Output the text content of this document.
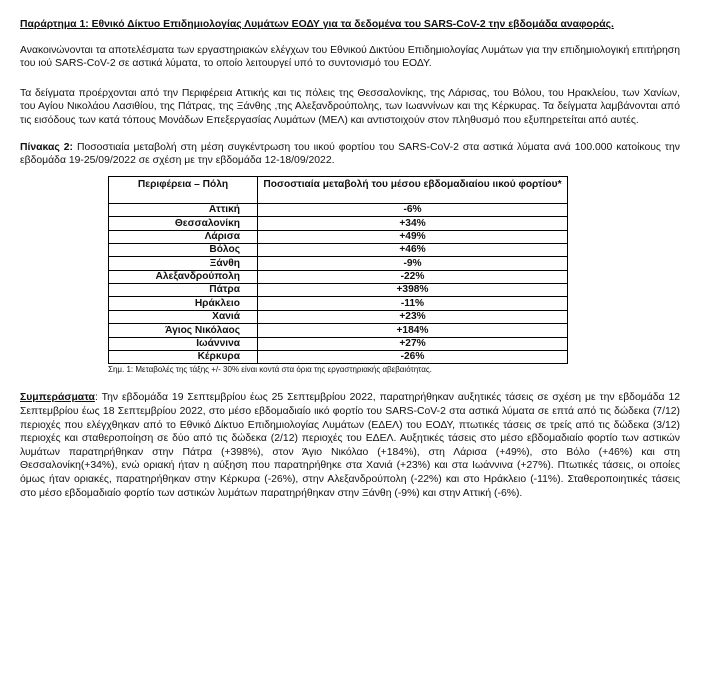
Παράρτημα 1: Εθνικό Δίκτυο Επιδημιολογίας Λυμάτων ΕΟΔΥ για τα δεδομένα του SARS-CoV-2 την εβδομάδα αναφοράς.

Ανακοινώνονται τα αποτελέσματα των εργαστηριακών ελέγχων του Εθνικού Δικτύου Επιδημιολογίας Λυμάτων για την επιδημιολογική επιτήρηση του ιού SARS-CoV-2 σε αστικά λύματα, το οποίο λειτουργεί υπό το συντονισμό του ΕΟΔΥ.

Τα δείγματα προέρχονται από την Περιφέρεια Αττικής και τις πόλεις της Θεσσαλονίκης, της Λάρισας, του Βόλου, του Ηρακλείου, των Χανίων, του Αγίου Νικολάου Λασιθίου, της Πάτρας, της Ξάνθης ,της Αλεξανδρούπολης, των Ιωαννίνων και της Κέρκυρας. Τα δείγματα λαμβάνονται από τις εισόδους των κατά τόπους Μονάδων Επεξεργασίας Λυμάτων (ΜΕΛ) και αντιστοιχούν στον πληθυσμό που εξυπηρετείται από αυτές.

Πίνακας 2: Ποσοστιαία μεταβολή στη μέση συγκέντρωση του ιικού φορτίου του SARS-CoV-2 στα αστικά λύματα ανά 100.000 κατοίκους την εβδομάδα 19-25/09/2022 σε σχέση με την εβδομάδα 12-18/09/2022.

Περιφέρεια – Πόλη	Ποσοστιαία μεταβολή του μέσου εβδομαδιαίου ιικού φορτίου*
Αττική	-6%
Θεσσαλονίκη	+34%
Λάρισα	+49%
Βόλος	+46%
Ξάνθη	-9%
Αλεξανδρούπολη	-22%
Πάτρα	+398%
Ηράκλειο	-11%
Χανιά	+23%
Άγιος Νικόλαος	+184%
Ιωάννινα	+27%
Κέρκυρα	-26%
Σημ. 1: Μεταβολές της τάξης +/- 30% είναι κοντά στα όρια της εργαστηριακής αβεβαιότητας.

Συμπεράσματα: Την εβδομάδα 19 Σεπτεμβρίου έως 25 Σεπτεμβρίου 2022, παρατηρήθηκαν αυξητικές τάσεις σε σχέση με την εβδομάδα 12 Σεπτεμβρίου έως 18 Σεπτεμβρίου 2022, στο μέσο εβδομαδιαίο ιικό φορτίο του SARS-CoV-2 στα αστικά λύματα σε επτά από τις δώδεκα (7/12) περιοχές που ελέγχθηκαν από το Εθνικό Δίκτυο Επιδημιολογίας Λυμάτων (ΕΔΕΛ) του ΕΟΔΥ, πτωτικές τάσεις σε τρείς από τις δώδεκα (3/12) περιοχές και σταθεροποίηση σε δύο από τις δώδεκα (2/12) περιοχές του ΕΔΕΛ. Αυξητικές τάσεις στο μέσο εβδομαδιαίο φορτίο των αστικών λυμάτων παρατηρήθηκαν στην Πάτρα (+398%), στον Άγιο Νικόλαο (+184%), στη Λάρισα (+49%), στο Βόλο (+46%) και στη Θεσσαλονίκη(+34%), ενώ οριακή ήταν η αύξηση που παρατηρήθηκε στα Χανιά (+23%) και στα Ιωάννινα (+27%). Πτωτικές τάσεις, οι οποίες όμως ήταν οριακές, παρατηρήθηκαν στην Κέρκυρα (-26%), στην Αλεξανδρούπολη (-22%) και στο Ηράκλειο (-11%). Σταθεροποιητικές τάσεις στο μέσο εβδομαδιαίο φορτίο των αστικών λυμάτων παρατηρήθηκαν στην Ξάνθη (-9%) και στην Αττική (-6%).
